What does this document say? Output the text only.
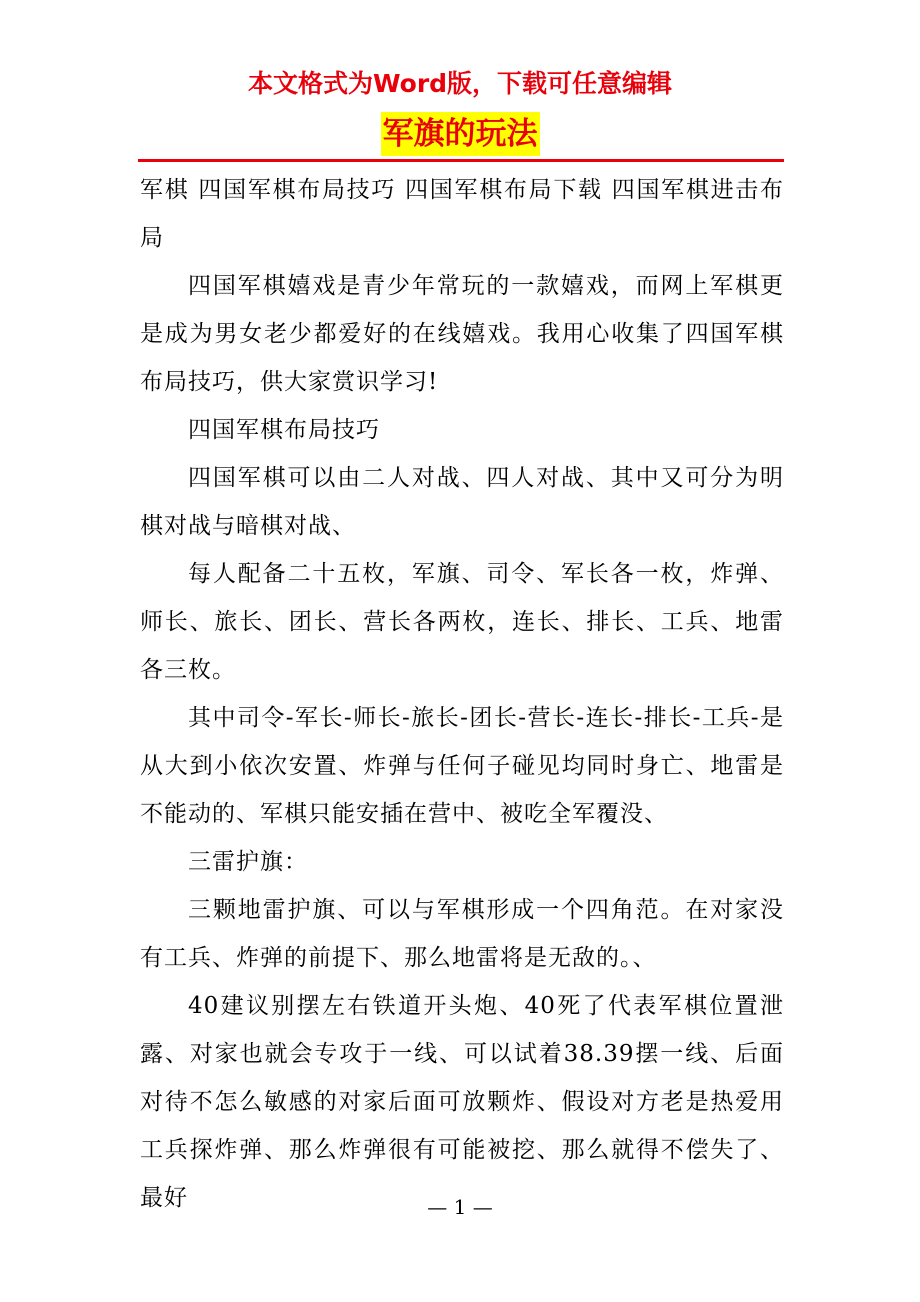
本文格式为Word版，下载可任意编辑
军旗的玩法

军棋 四国军棋布局技巧 四国军棋布局下载 四国军棋进击布局

四国军棋嬉戏是青少年常玩的一款嬉戏，而网上军棋更是成为男女老少都爱好的在线嬉戏。我用心收集了四国军棋布局技巧，供大家赏识学习!

四国军棋布局技巧

四国军棋可以由二人对战、四人对战、其中又可分为明棋对战与暗棋对战、

每人配备二十五枚，军旗、司令、军长各一枚，炸弹、师长、旅长、团长、营长各两枚，连长、排长、工兵、地雷各三枚。

其中司令-军长-师长-旅长-团长-营长-连长-排长-工兵-是从大到小依次安置、炸弹与任何子碰见均同时身亡、地雷是不能动的、军棋只能安插在营中、被吃全军覆没、

三雷护旗：

三颗地雷护旗、可以与军棋形成一个四角范。在对家没有工兵、炸弹的前提下、那么地雷将是无敌的。、

40建议别摆左右铁道开头炮、40死了代表军棋位置泄露、对家也就会专攻于一线、可以试着38.39摆一线、后面对待不怎么敏感的对家后面可放颗炸、假设对方老是热爱用工兵探炸弹、那么炸弹很有可能被挖、那么就得不偿失了、最好	— 1 —
